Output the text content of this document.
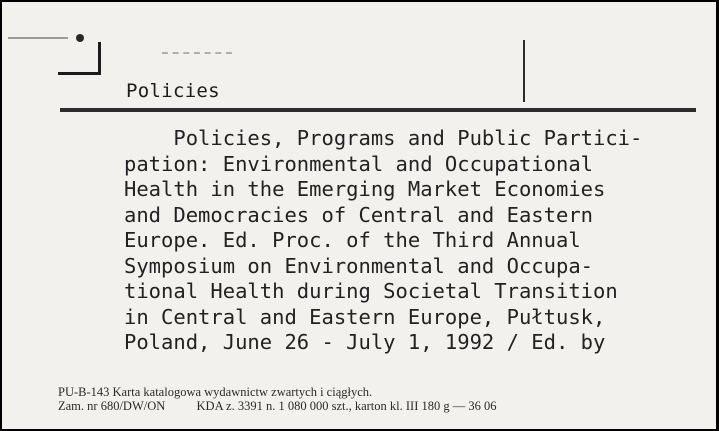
Policies
Policies, Programs and Public Partici-
pation: Environmental and Occupational
Health in the Emerging Market Economies
and Democracies of Central and Eastern
Europe. Ed. Proc. of the Third Annual
Symposium on Environmental and Occupa-
tional Health during Societal Transition
in Central and Eastern Europe, Pułtusk,
Poland, June 26 - July 1, 1992 / Ed. by
PU-B-143 Karta katalogowa wydawnictw zwartych i ciągłych.
Zam. nr 680/DW/ON          KDA z. 3391 n. 1 080 000 szt., karton kl. III 180 g — 36 06
